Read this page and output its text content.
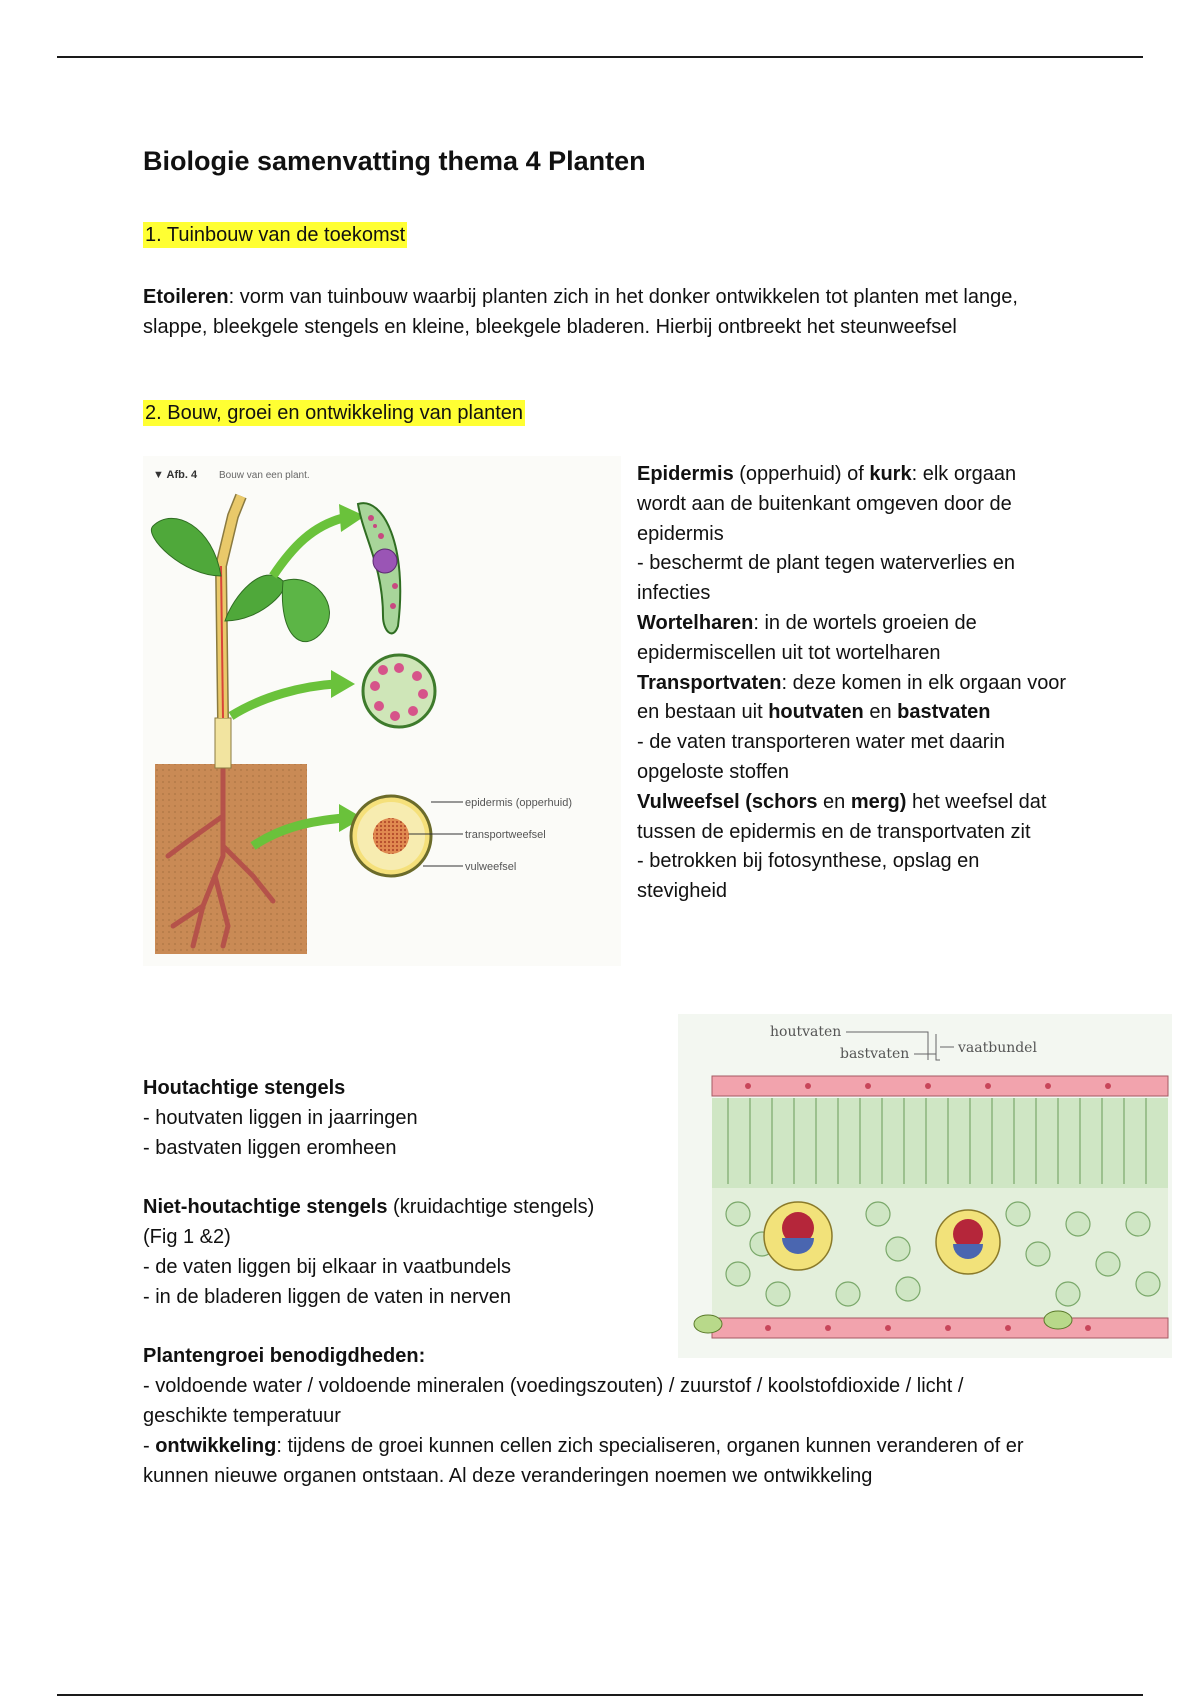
Biologie samenvatting thema 4 Planten

1. Tuinbouw van de toekomst

Etoileren: vorm van tuinbouw waarbij planten zich in het donker ontwikkelen tot planten met lange, slappe, bleekgele stengels en kleine, bleekgele bladeren. Hierbij ontbreekt het steunweefsel

2. Bouw, groei en ontwikkeling van planten

▼ Afb. 4 Bouw van een plant.
epidermis (opperhuid)
transportweefsel
vulweefsel

Epidermis (opperhuid) of kurk: elk orgaan wordt aan de buitenkant omgeven door de epidermis
- beschermt de plant tegen waterverlies en infecties
Wortelharen: in de wortels groeien de epidermiscellen uit tot wortelharen
Transportvaten: deze komen in elk orgaan voor en bestaan uit houtvaten en bastvaten
- de vaten transporteren water met daarin opgeloste stoffen
Vulweefsel (schors en merg) het weefsel dat tussen de epidermis en de transportvaten zit
- betrokken bij fotosynthese, opslag en stevigheid

houtvaten
bastvaten	vaatbundel

Houtachtige stengels
- houtvaten liggen in jaarringen
- bastvaten liggen eromheen

Niet-houtachtige stengels (kruidachtige stengels)
(Fig 1 &2)
- de vaten liggen bij elkaar in vaatbundels
- in de bladeren liggen de vaten in nerven

Plantengroei benodigdheden:
- voldoende water / voldoende mineralen (voedingszouten) / zuurstof / koolstofdioxide / licht / geschikte temperatuur
- ontwikkeling: tijdens de groei kunnen cellen zich specialiseren, organen kunnen veranderen of er kunnen nieuwe organen ontstaan. Al deze veranderingen noemen we ontwikkeling
